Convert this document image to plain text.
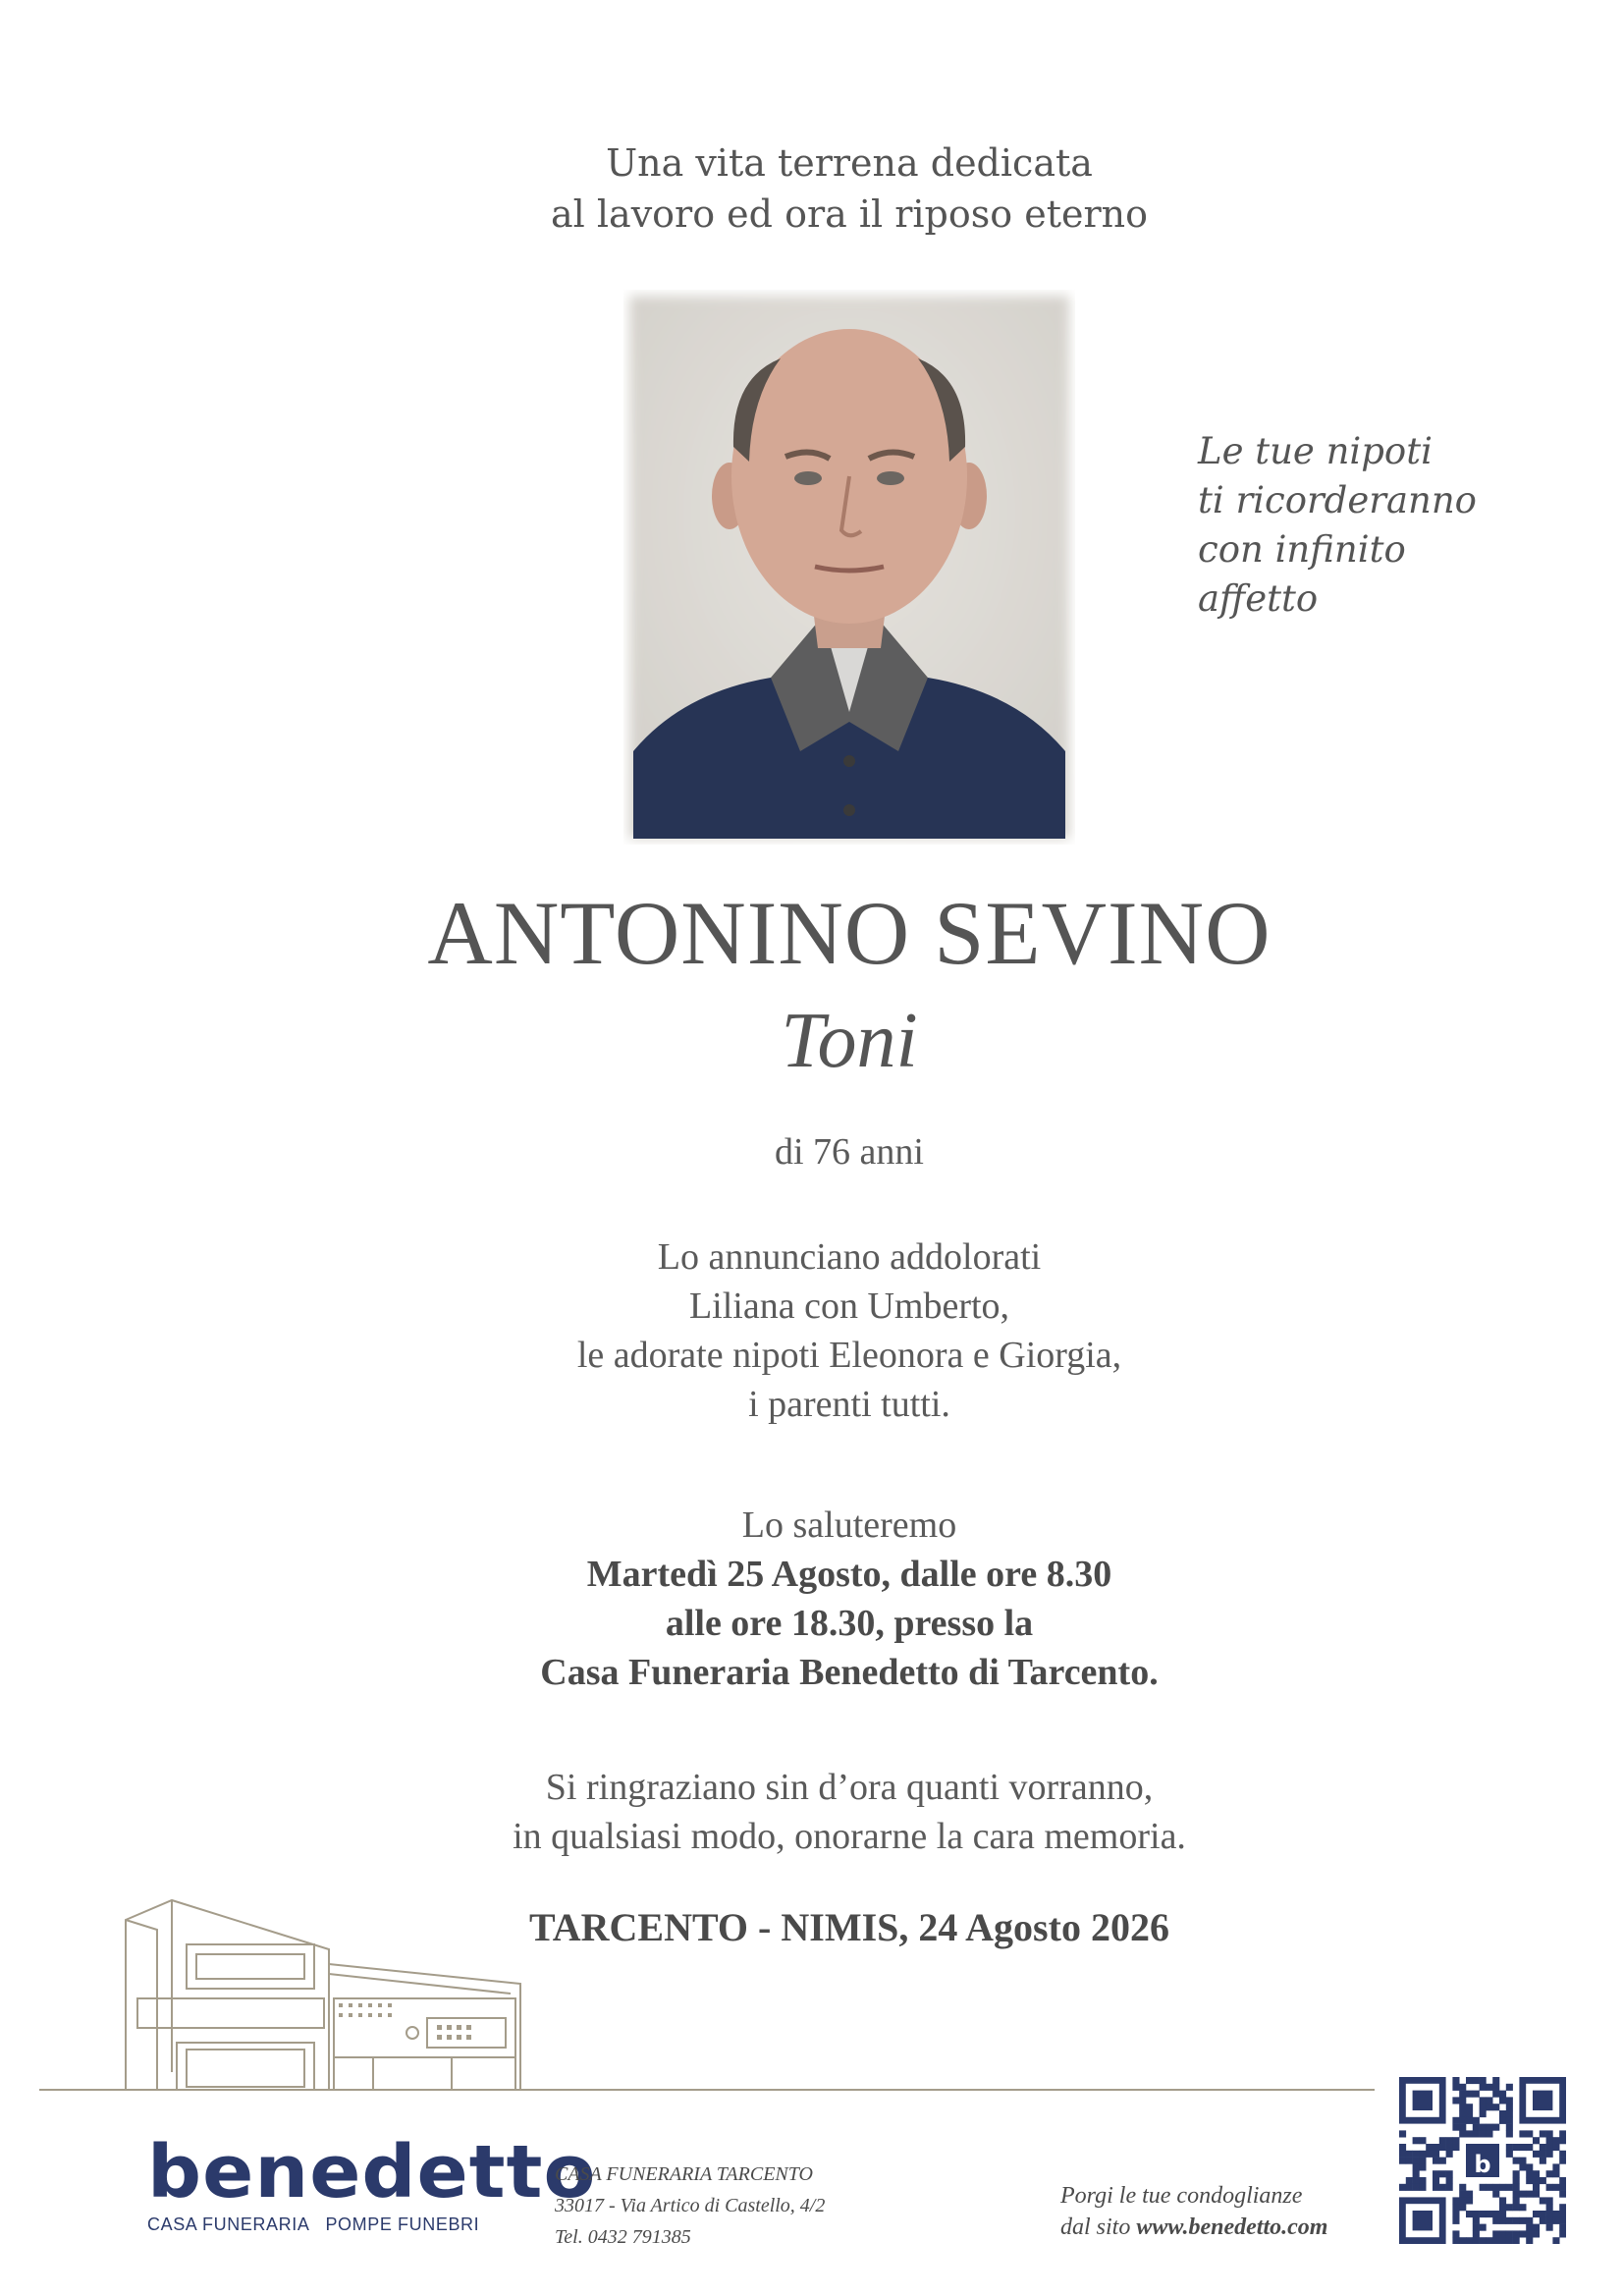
Una vita terrena dedicata
al lavoro ed ora il riposo eterno
Le tue nipoti
ti ricorderanno
con infinito
affetto
ANTONINO SEVINO
Toni
di 76 anni
Lo annunciano addolorati
Liliana con Umberto,
le adorate nipoti Eleonora e Giorgia,
i parenti tutti.
Lo saluteremo
Martedì 25 Agosto, dalle ore 8.30
alle ore 18.30, presso la
Casa Funeraria Benedetto di Tarcento.
Si ringraziano sin d’ora quanti vorranno,
in qualsiasi modo, onorarne la cara memoria.
TARCENTO - NIMIS, 24 Agosto 2026
benedetto
CASA FUNERARIA POMPE FUNEBRI
CASA FUNERARIA TARCENTO
33017 - Via Artico di Castello, 4/2
Tel. 0432 791385
Porgi le tue condoglianze
dal sito www.benedetto.com
b
